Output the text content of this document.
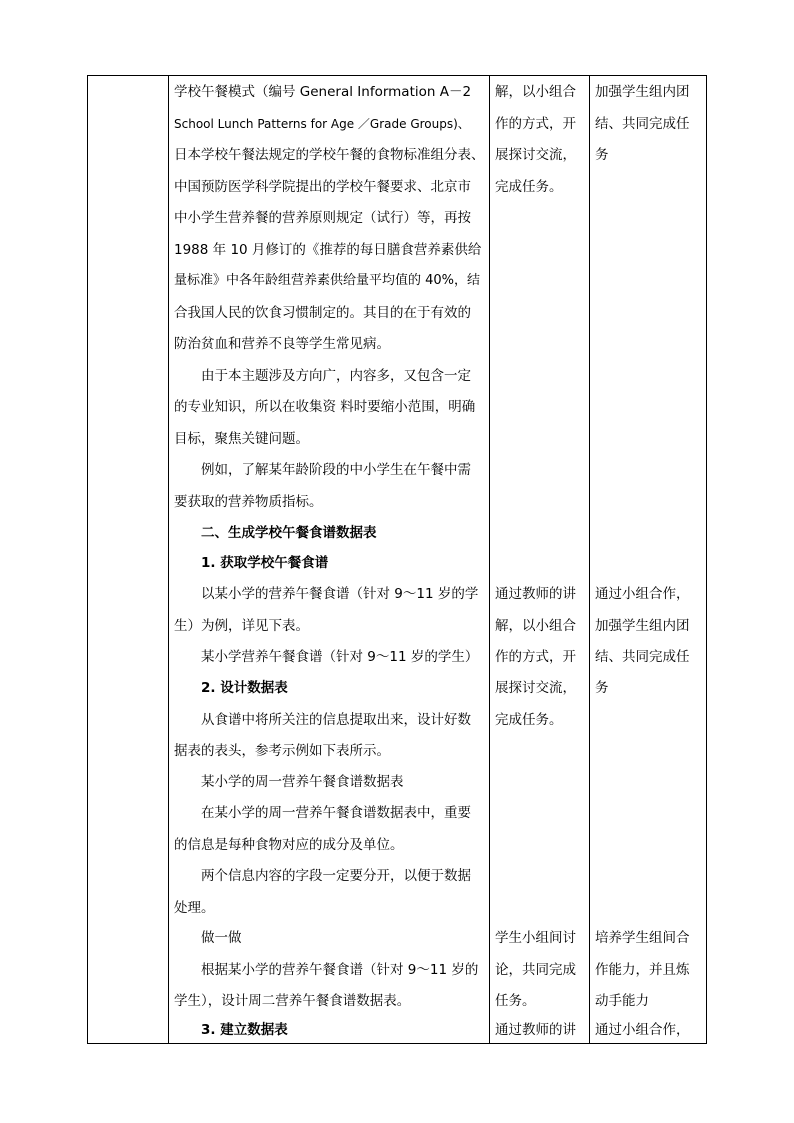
学校午餐模式（编号 General Information A－2
School Lunch Patterns for Age ／Grade Groups)、
日本学校午餐法规定的学校午餐的食物标准组分表、
中国预防医学科学院提出的学校午餐要求、北京市
中小学生营养餐的营养原则规定（试行）等，再按
1988 年 10 月修订的《推荐的每日膳食营养素供给
量标准》中各年龄组营养素供给量平均值的 40%，结
合我国人民的饮食习惯制定的。其目的在于有效的
防治贫血和营养不良等学生常见病。
由于本主题涉及方向广，内容多，又包含一定
的专业知识，所以在收集资 料时要缩小范围，明确
目标，聚焦关键问题。
例如，了解某年龄阶段的中小学生在午餐中需
要获取的营养物质指标。
二、生成学校午餐食谱数据表
1. 获取学校午餐食谱
以某小学的营养午餐食谱（针对 9～11 岁的学
生）为例，详见下表。
某小学营养午餐食谱（针对 9～11 岁的学生）
2. 设计数据表
从食谱中将所关注的信息提取出来，设计好数
据表的表头，参考示例如下表所示。
某小学的周一营养午餐食谱数据表
在某小学的周一营养午餐食谱数据表中，重要
的信息是每种食物对应的成分及单位。
两个信息内容的字段一定要分开，以便于数据
处理。
做一做
根据某小学的营养午餐食谱（针对 9～11 岁的
学生），设计周二营养午餐食谱数据表。
3. 建立数据表
解，以小组合
作的方式，开
展探讨交流，
完成任务。
通过教师的讲
解，以小组合
作的方式，开
展探讨交流，
完成任务。
学生小组间讨
论，共同完成
任务。
通过教师的讲
加强学生组内团
结、共同完成任
务
通过小组合作，
加强学生组内团
结、共同完成任
务
培养学生组间合
作能力，并且炼
动手能力
通过小组合作，
